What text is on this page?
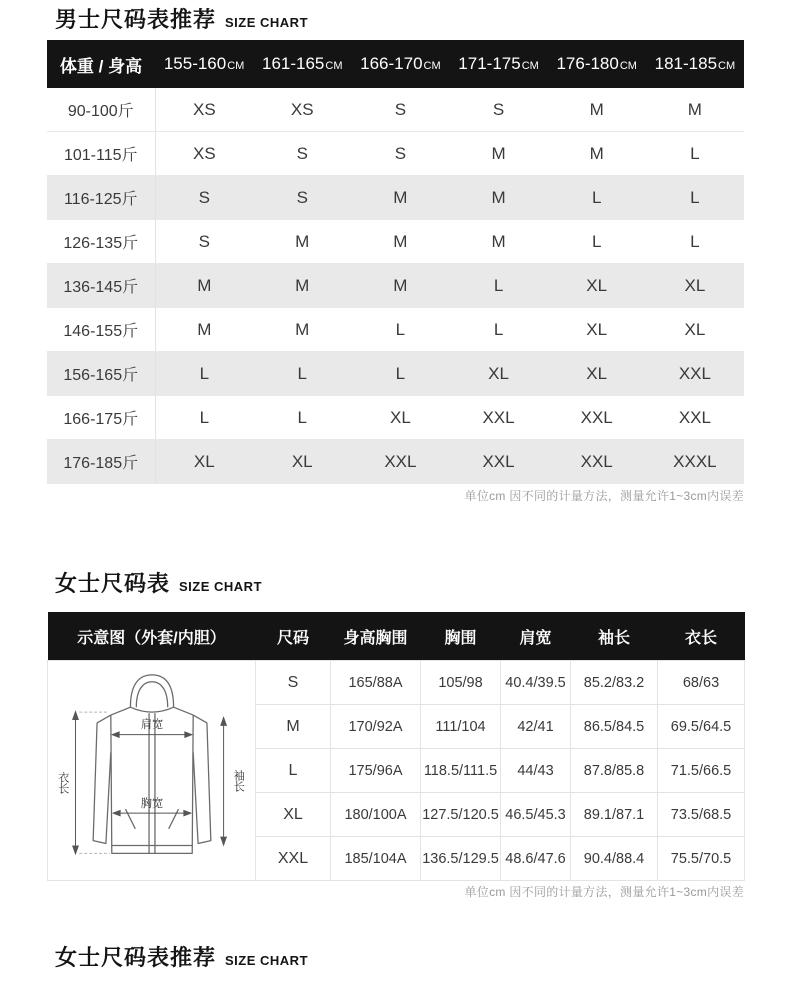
男士尺码表推荐 SIZE CHART
体重 / 身高	155-160CM	161-165CM	166-170CM	171-175CM	176-180CM	181-185CM
90-100斤	XS	XS	S	S	M	M
101-115斤	XS	S	S	M	M	L
116-125斤	S	S	M	M	L	L
126-135斤	S	M	M	M	L	L
136-145斤	M	M	M	L	XL	XL
146-155斤	M	M	L	L	XL	XL
156-165斤	L	L	L	XL	XL	XXL
166-175斤	L	L	XL	XXL	XXL	XXL
176-185斤	XL	XL	XXL	XXL	XXL	XXXL
单位cm 因不同的计量方法，测量允许1~3cm内误差
女士尺码表 SIZE CHART
示意图（外套/内胆）	尺码	身高胸围	胸围	肩宽	袖长	衣长

衣长 袖长
肩宽
胸宽	S	165/88A	105/98	40.4/39.5	85.2/83.2	68/63
	M	170/92A	111/104	42/41	86.5/84.5	69.5/64.5
	L	175/96A	118.5/111.5	44/43	87.8/85.8	71.5/66.5
	XL	180/100A	127.5/120.5	46.5/45.3	89.1/87.1	73.5/68.5
	XXL	185/104A	136.5/129.5	48.6/47.6	90.4/88.4	75.5/70.5
单位cm 因不同的计量方法，测量允许1~3cm内误差
女士尺码表推荐 SIZE CHART
